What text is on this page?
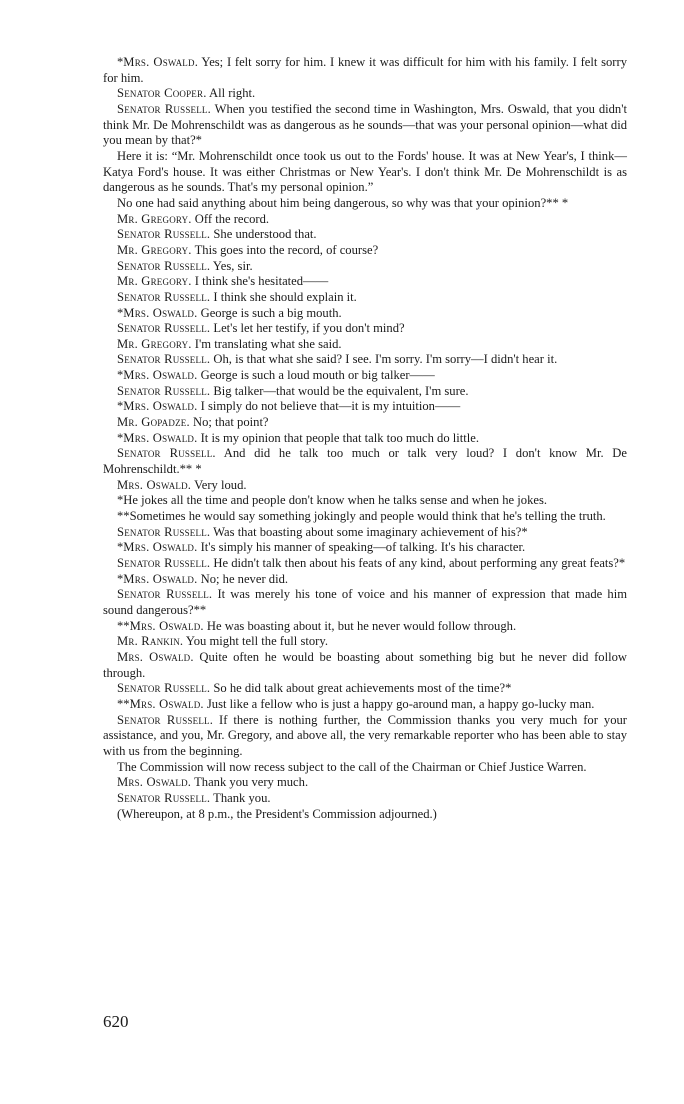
*Mrs. Oswald. Yes; I felt sorry for him. I knew it was difficult for him with his family. I felt sorry for him.

Senator Cooper. All right.

Senator Russell. When you testified the second time in Washington, Mrs. Oswald, that you didn't think Mr. De Mohrenschildt was as dangerous as he sounds—that was your personal opinion—what did you mean by that?*

Here it is: “Mr. Mohrenschildt once took us out to the Fords' house. It was at New Year's, I think—Katya Ford's house. It was either Christmas or New Year's. I don't think Mr. De Mohrenschildt is as dangerous as he sounds. That's my personal opinion.”

No one had said anything about him being dangerous, so why was that your opinion?** *

Mr. Gregory. Off the record.

Senator Russell. She understood that.

Mr. Gregory. This goes into the record, of course?

Senator Russell. Yes, sir.

Mr. Gregory. I think she's hesitated——

Senator Russell. I think she should explain it.

*Mrs. Oswald. George is such a big mouth.

Senator Russell. Let's let her testify, if you don't mind?

Mr. Gregory. I'm translating what she said.

Senator Russell. Oh, is that what she said? I see. I'm sorry. I'm sorry—I didn't hear it.

*Mrs. Oswald. George is such a loud mouth or big talker——

Senator Russell. Big talker—that would be the equivalent, I'm sure.

*Mrs. Oswald. I simply do not believe that—it is my intuition——

Mr. Gopadze. No; that point?

*Mrs. Oswald. It is my opinion that people that talk too much do little.

Senator Russell. And did he talk too much or talk very loud? I don't know Mr. De Mohrenschildt.** *

Mrs. Oswald. Very loud.

*He jokes all the time and people don't know when he talks sense and when he jokes.

**Sometimes he would say something jokingly and people would think that he's telling the truth.

Senator Russell. Was that boasting about some imaginary achievement of his?*

*Mrs. Oswald. It's simply his manner of speaking—of talking. It's his character.

Senator Russell. He didn't talk then about his feats of any kind, about performing any great feats?*

*Mrs. Oswald. No; he never did.

Senator Russell. It was merely his tone of voice and his manner of expression that made him sound dangerous?**

**Mrs. Oswald. He was boasting about it, but he never would follow through.

Mr. Rankin. You might tell the full story.

Mrs. Oswald. Quite often he would be boasting about something big but he never did follow through.

Senator Russell. So he did talk about great achievements most of the time?*

**Mrs. Oswald. Just like a fellow who is just a happy go-around man, a happy go-lucky man.

Senator Russell. If there is nothing further, the Commission thanks you very much for your assistance, and you, Mr. Gregory, and above all, the very remarkable reporter who has been able to stay with us from the beginning.

The Commission will now recess subject to the call of the Chairman or Chief Justice Warren.

Mrs. Oswald. Thank you very much.

Senator Russell. Thank you.

(Whereupon, at 8 p.m., the President's Commission adjourned.)

620
